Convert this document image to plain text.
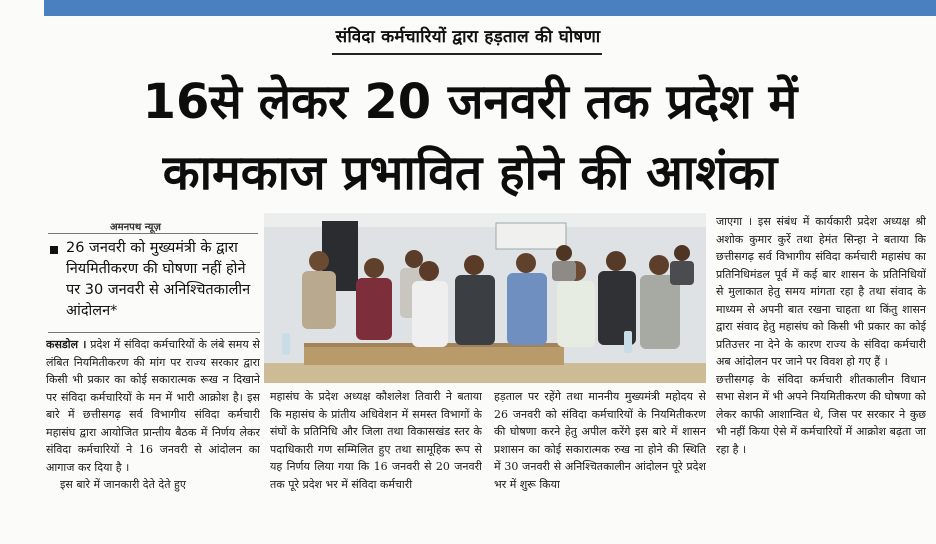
संविदा कर्मचारियों द्वारा हड़ताल की घोषणा
16से लेकर 20 जनवरी तक प्रदेश में
कामकाज प्रभावित होने की आशंका
अमनपथ न्यूज़
26 जनवरी को मुख्यमंत्री के द्वारा नियमितीकरण की घोषणा नहीं होने पर 30 जनवरी से अनिश्चितकालीन आंदोलन*

कसडोल । प्रदेश में संविदा कर्मचारियों के लंबे समय से लंबित नियमितीकरण की मांग पर राज्य सरकार द्वारा किसी भी प्रकार का कोई सकारात्मक रूख न दिखाने पर संविदा कर्मचारियों के मन में भारी आक्रोश है। इस बारे में छत्तीसगढ़ सर्व विभागीय संविदा कर्मचारी महासंघ द्वारा आयोजित प्रान्तीय बैठक में निर्णय लेकर संविदा कर्मचारियों ने 16 जनवरी से आंदोलन का आगाज कर दिया है ।

इस बारे में जानकारी देते देते हुए

महासंघ के प्रदेश अध्यक्ष कौशलेश तिवारी ने बताया कि महासंघ के प्रांतीय अधिवेशन में समस्त विभागों के संघों के प्रतिनिधि और जिला तथा विकासखंड स्तर के पदाधिकारी गण सम्मिलित हुए तथा सामूहिक रूप से यह निर्णय लिया गया कि 16 जनवरी से 20 जनवरी तक पूरे प्रदेश भर में संविदा कर्मचारी

हड़ताल पर रहेंगे तथा माननीय मुख्यमंत्री महोदय से 26 जनवरी को संविदा कर्मचारियों के नियमितीकरण की घोषणा करने हेतु अपील करेंगे इस बारे में शासन प्रशासन का कोई सकारात्मक रुख ना होने की स्थिति में 30 जनवरी से अनिश्चितकालीन आंदोलन पूरे प्रदेश भर में शुरू किया

जाएगा । इस संबंध में कार्यकारी प्रदेश अध्यक्ष श्री अशोक कुमार कुर्रे तथा हेमंत सिन्हा ने बताया कि छत्तीसगढ़ सर्व विभागीय संविदा कर्मचारी महासंघ का प्रतिनिधिमंडल पूर्व में कई बार शासन के प्रतिनिधियों से मुलाकात हेतु समय मांगता रहा है तथा संवाद के माध्यम से अपनी बात रखना चाहता था किंतु शासन द्वारा संवाद हेतु महासंघ को किसी भी प्रकार का कोई प्रतिउत्तर ना देने के कारण राज्य के संविदा कर्मचारी अब आंदोलन पर जाने पर विवश हो गए हैं ।

छत्तीसगढ़ के संविदा कर्मचारी शीतकालीन विधान सभा सेशन में भी अपने नियमितीकरण की घोषणा को लेकर काफी आशान्वित थे, जिस पर सरकार ने कुछ भी नहीं किया ऐसे में कर्मचारियों में आक्रोश बढ़ता जा रहा है ।
